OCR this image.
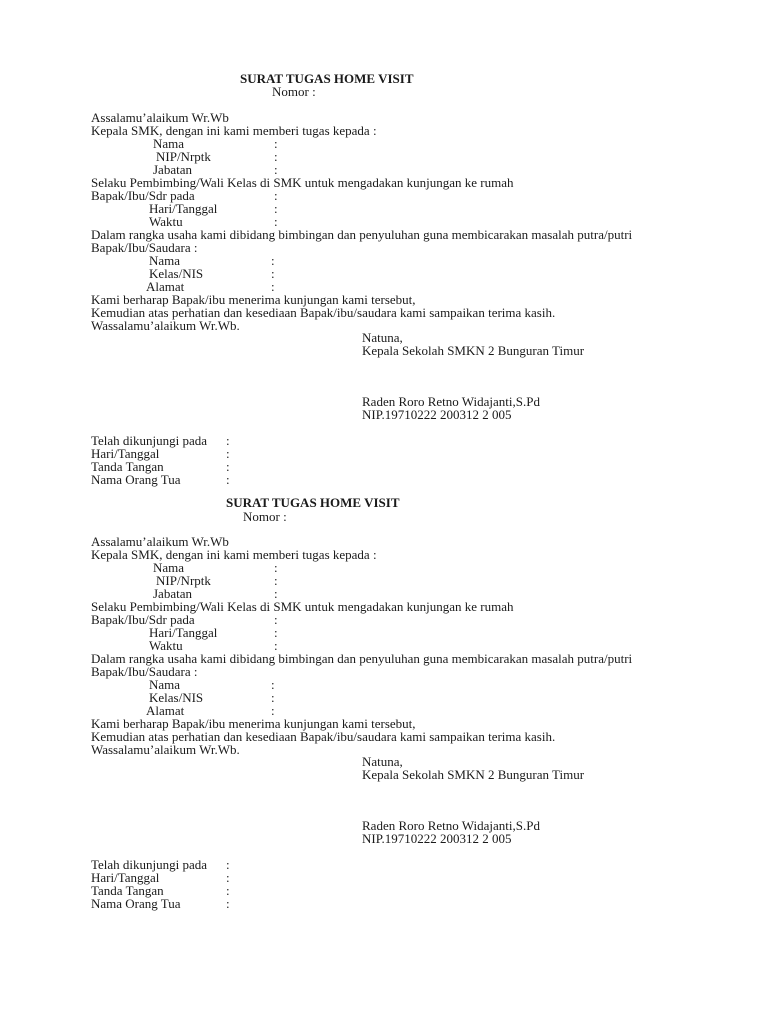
SURAT TUGAS HOME VISIT
Nomor :
Assalamu’alaikum Wr.Wb
Kepala SMK, dengan ini kami memberi tugas kepada :
Nama	:
NIP/Nrptk	:
Jabatan	:
Selaku Pembimbing/Wali Kelas di SMK untuk mengadakan kunjungan ke rumah
Bapak/Ibu/Sdr pada	:
Hari/Tanggal	:
Waktu	:
Dalam rangka usaha kami dibidang bimbingan dan penyuluhan guna membicarakan masalah putra/putri
Bapak/Ibu/Saudara :
Nama	:
Kelas/NIS	:
Alamat	:
Kami berharap Bapak/ibu menerima kunjungan kami tersebut,
Kemudian atas perhatian dan kesediaan Bapak/ibu/saudara kami sampaikan terima kasih.
Wassalamu’alaikum Wr.Wb.
Natuna,
Kepala Sekolah SMKN 2 Bunguran Timur
Raden Roro Retno Widajanti,S.Pd
NIP.19710222 200312 2 005
Telah dikunjungi pada :
Hari/Tanggal	:
Tanda Tangan	:
Nama Orang Tua	:
SURAT TUGAS HOME VISIT
Nomor :
Assalamu’alaikum Wr.Wb
Kepala SMK, dengan ini kami memberi tugas kepada :
Nama	:
NIP/Nrptk	:
Jabatan	:
Selaku Pembimbing/Wali Kelas di SMK untuk mengadakan kunjungan ke rumah
Bapak/Ibu/Sdr pada	:
Hari/Tanggal	:
Waktu	:
Dalam rangka usaha kami dibidang bimbingan dan penyuluhan guna membicarakan masalah putra/putri
Bapak/Ibu/Saudara :
Nama	:
Kelas/NIS	:
Alamat	:
Kami berharap Bapak/ibu menerima kunjungan kami tersebut,
Kemudian atas perhatian dan kesediaan Bapak/ibu/saudara kami sampaikan terima kasih.
Wassalamu’alaikum Wr.Wb.
Natuna,
Kepala Sekolah SMKN 2 Bunguran Timur
Raden Roro Retno Widajanti,S.Pd
NIP.19710222 200312 2 005
Telah dikunjungi pada :
Hari/Tanggal	:
Tanda Tangan	:
Nama Orang Tua	:
